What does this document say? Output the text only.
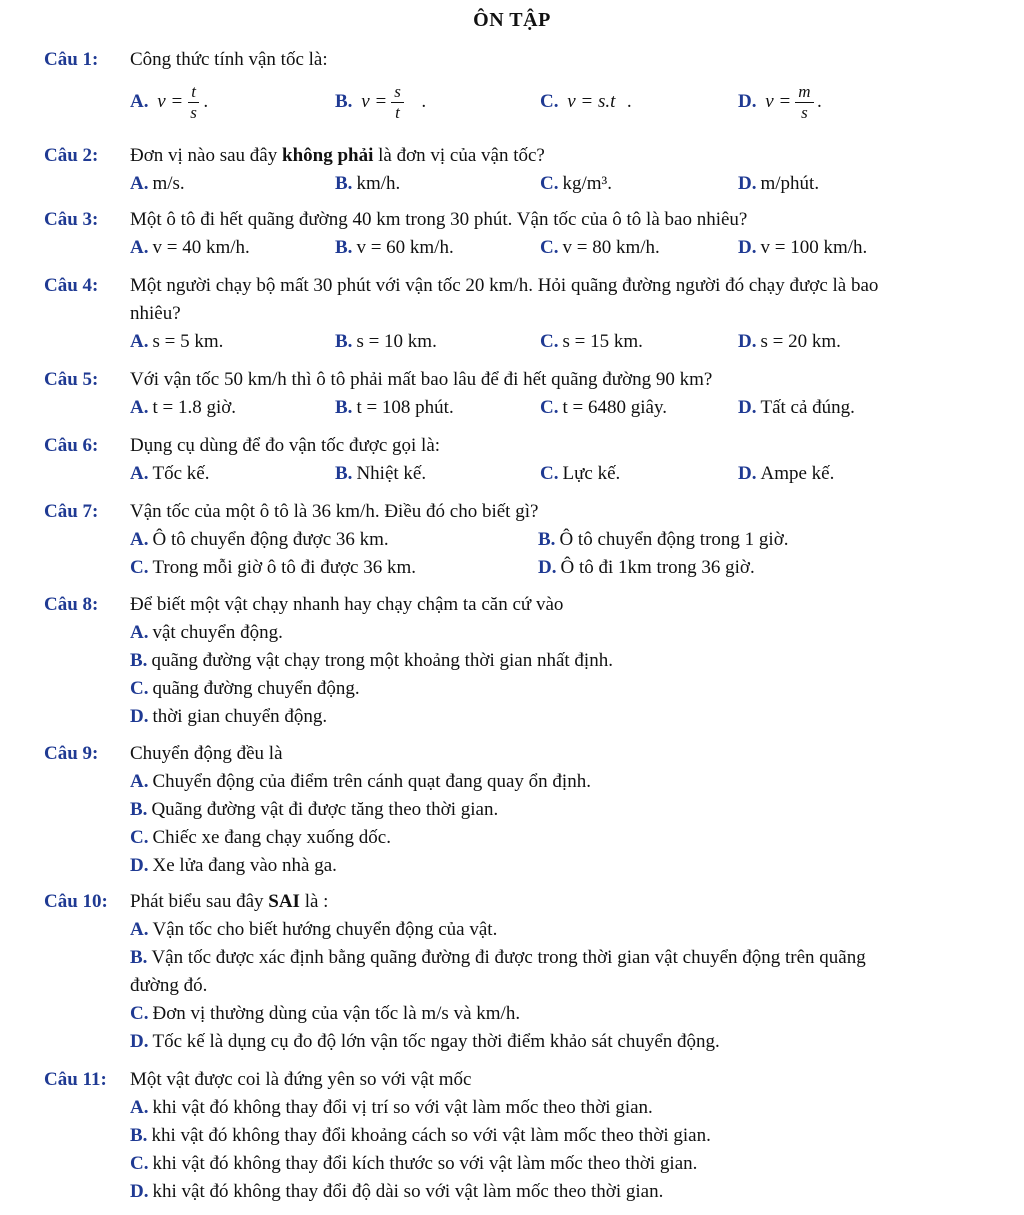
ÔN TẬP
Câu 1:	Công thức tính vận tốc là:
A. $v = \frac{t}{s}$ .	B. $v = \frac{s}{t}$ .	C. v = s.t .	D. $v = \frac{m}{s}$ .
Câu 2:	Đơn vị nào sau đây không phải là đơn vị của vận tốc?
A. m/s.	B. km/h.	C. kg/m³.	D. m/phút.
Câu 3:	Một ô tô đi hết quãng đường 40 km trong 30 phút. Vận tốc của ô tô là bao nhiêu?
A. v = 40 km/h.	B. v = 60 km/h.	C. v = 80 km/h.	D. v = 100 km/h.
Câu 4:	Một người chạy bộ mất 30 phút với vận tốc 20 km/h. Hỏi quãng đường người đó chạy được là bao
nhiêu?
A. s = 5 km.	B. s = 10 km.	C. s = 15 km.	D. s = 20 km.
Câu 5:	Với vận tốc 50 km/h thì ô tô phải mất bao lâu để đi hết quãng đường 90 km?
A. t = 1.8 giờ.	B. t = 108 phút.	C. t = 6480 giây.	D. Tất cả đúng.
Câu 6:	Dụng cụ dùng để đo vận tốc được gọi là:
A. Tốc kế.	B. Nhiệt kế.	C. Lực kế.	D. Ampe kế.
Câu 7:	Vận tốc của một ô tô là 36 km/h. Điều đó cho biết gì?
A. Ô tô chuyển động được 36 km.	B. Ô tô chuyển động trong 1 giờ.
C. Trong mỗi giờ ô tô đi được 36 km.	D. Ô tô đi 1km trong 36 giờ.
Câu 8:	Để biết một vật chạy nhanh hay chạy chậm ta căn cứ vào
A. vật chuyển động.
B. quãng đường vật chạy trong một khoảng thời gian nhất định.
C. quãng đường chuyển động.
D. thời gian chuyển động.
Câu 9:	Chuyển động đều là
A. Chuyển động của điểm trên cánh quạt đang quay ổn định.
B. Quãng đường vật đi được tăng theo thời gian.
C. Chiếc xe đang chạy xuống dốc.
D. Xe lửa đang vào nhà ga.
Câu 10:	Phát biểu sau đây SAI là :
A. Vận tốc cho biết hướng chuyển động của vật.
B. Vận tốc được xác định bằng quãng đường đi được trong thời gian vật chuyển động trên quãng
đường đó.
C. Đơn vị thường dùng của vận tốc là m/s và km/h.
D. Tốc kế là dụng cụ đo độ lớn vận tốc ngay thời điểm khảo sát chuyển động.
Câu 11:	Một vật được coi là đứng yên so với vật mốc
A. khi vật đó không thay đổi vị trí so với vật làm mốc theo thời gian.
B. khi vật đó không thay đổi khoảng cách so với vật làm mốc theo thời gian.
C. khi vật đó không thay đổi kích thước so với vật làm mốc theo thời gian.
D. khi vật đó không thay đổi độ dài so với vật làm mốc theo thời gian.
